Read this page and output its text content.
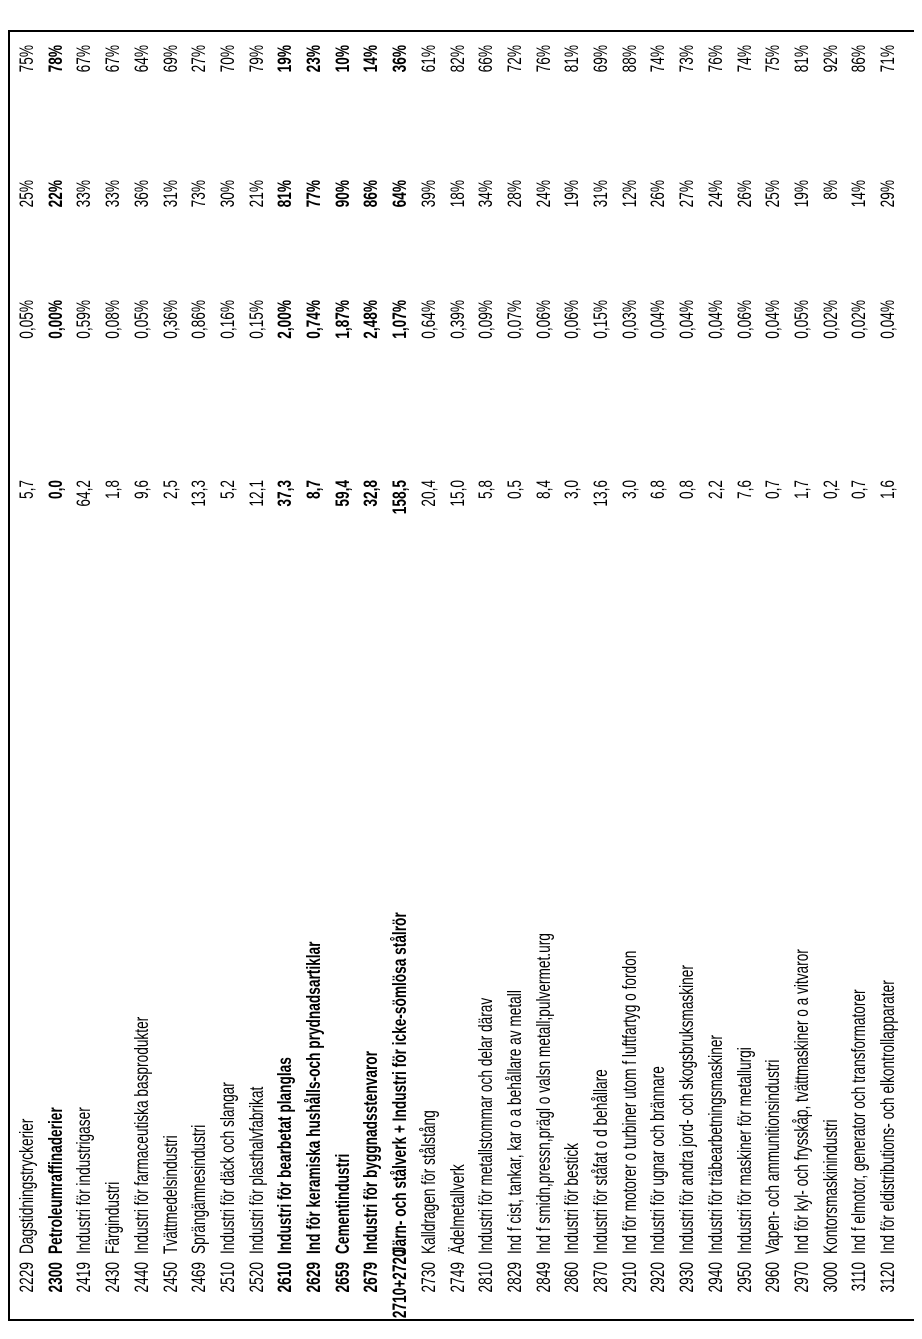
2229
Dagstidningstryckerier
5,7
0,05%
25%
75%
2300
Petroleumraffinaderier
0,0
0,00%
22%
78%
2419
Industri för industrigaser
64,2
0,59%
33%
67%
2430
Färgindustri
1,8
0,08%
33%
67%
2440
Industri för farmaceutiska basprodukter
9,6
0,05%
36%
64%
2450
Tvättmedelsindustri
2,5
0,36%
31%
69%
2469
Sprängämnesindustri
13,3
0,86%
73%
27%
2510
Industri för däck och slangar
5,2
0,16%
30%
70%
2520
Industri för plasthalvfabrikat
12,1
0,15%
21%
79%
2610
Industri för bearbetat planglas
37,3
2,00%
81%
19%
2629
Ind för keramiska hushålls-och prydnadsartiklar
8,7
0,74%
77%
23%
2659
Cementindustri
59,4
1,87%
90%
10%
2679
Industri för byggnadsstenvaror
32,8
2,48%
86%
14%
2710+2720
Järn- och stålverk + Industri för icke-sömlösa stålrör
158,5
1,07%
64%
36%
2730
Kalldragen för stålstång
20,4
0,64%
39%
61%
2749
Ädelmetallverk
15,0
0,39%
18%
82%
2810
Industri för metallstommar och delar därav
5,8
0,09%
34%
66%
2829
Ind f cist, tankar, kar o a behållare av metall
0,5
0,07%
28%
72%
2849
Ind f smidn,pressn,prägl o valsn metall;pulvermet.urg
8,4
0,06%
24%
76%
2860
Industri för bestick
3,0
0,06%
19%
81%
2870
Industri för ståfat o d behållare
13,6
0,15%
31%
69%
2910
Ind för motorer o turbiner utom f luftfartyg o fordon
3,0
0,03%
12%
88%
2920
Industri för ugnar och brännare
6,8
0,04%
26%
74%
2930
Industri för andra jord- och skogsbruksmaskiner
0,8
0,04%
27%
73%
2940
Industri för träbearbetningsmaskiner
2,2
0,04%
24%
76%
2950
Industri för maskiner för metallurgi
7,6
0,06%
26%
74%
2960
Vapen- och ammunitionsindustri
0,7
0,04%
25%
75%
2970
Ind för kyl- och frysskåp, tvättmaskiner o a vitvaror
1,7
0,05%
19%
81%
3000
Kontorsmaskinindustri
0,2
0,02%
8%
92%
3110
Ind f elmotor, generator och transformatorer
0,7
0,02%
14%
86%
3120
Ind för eldistributions- och elkontrollapparater
1,6
0,04%
29%
71%
